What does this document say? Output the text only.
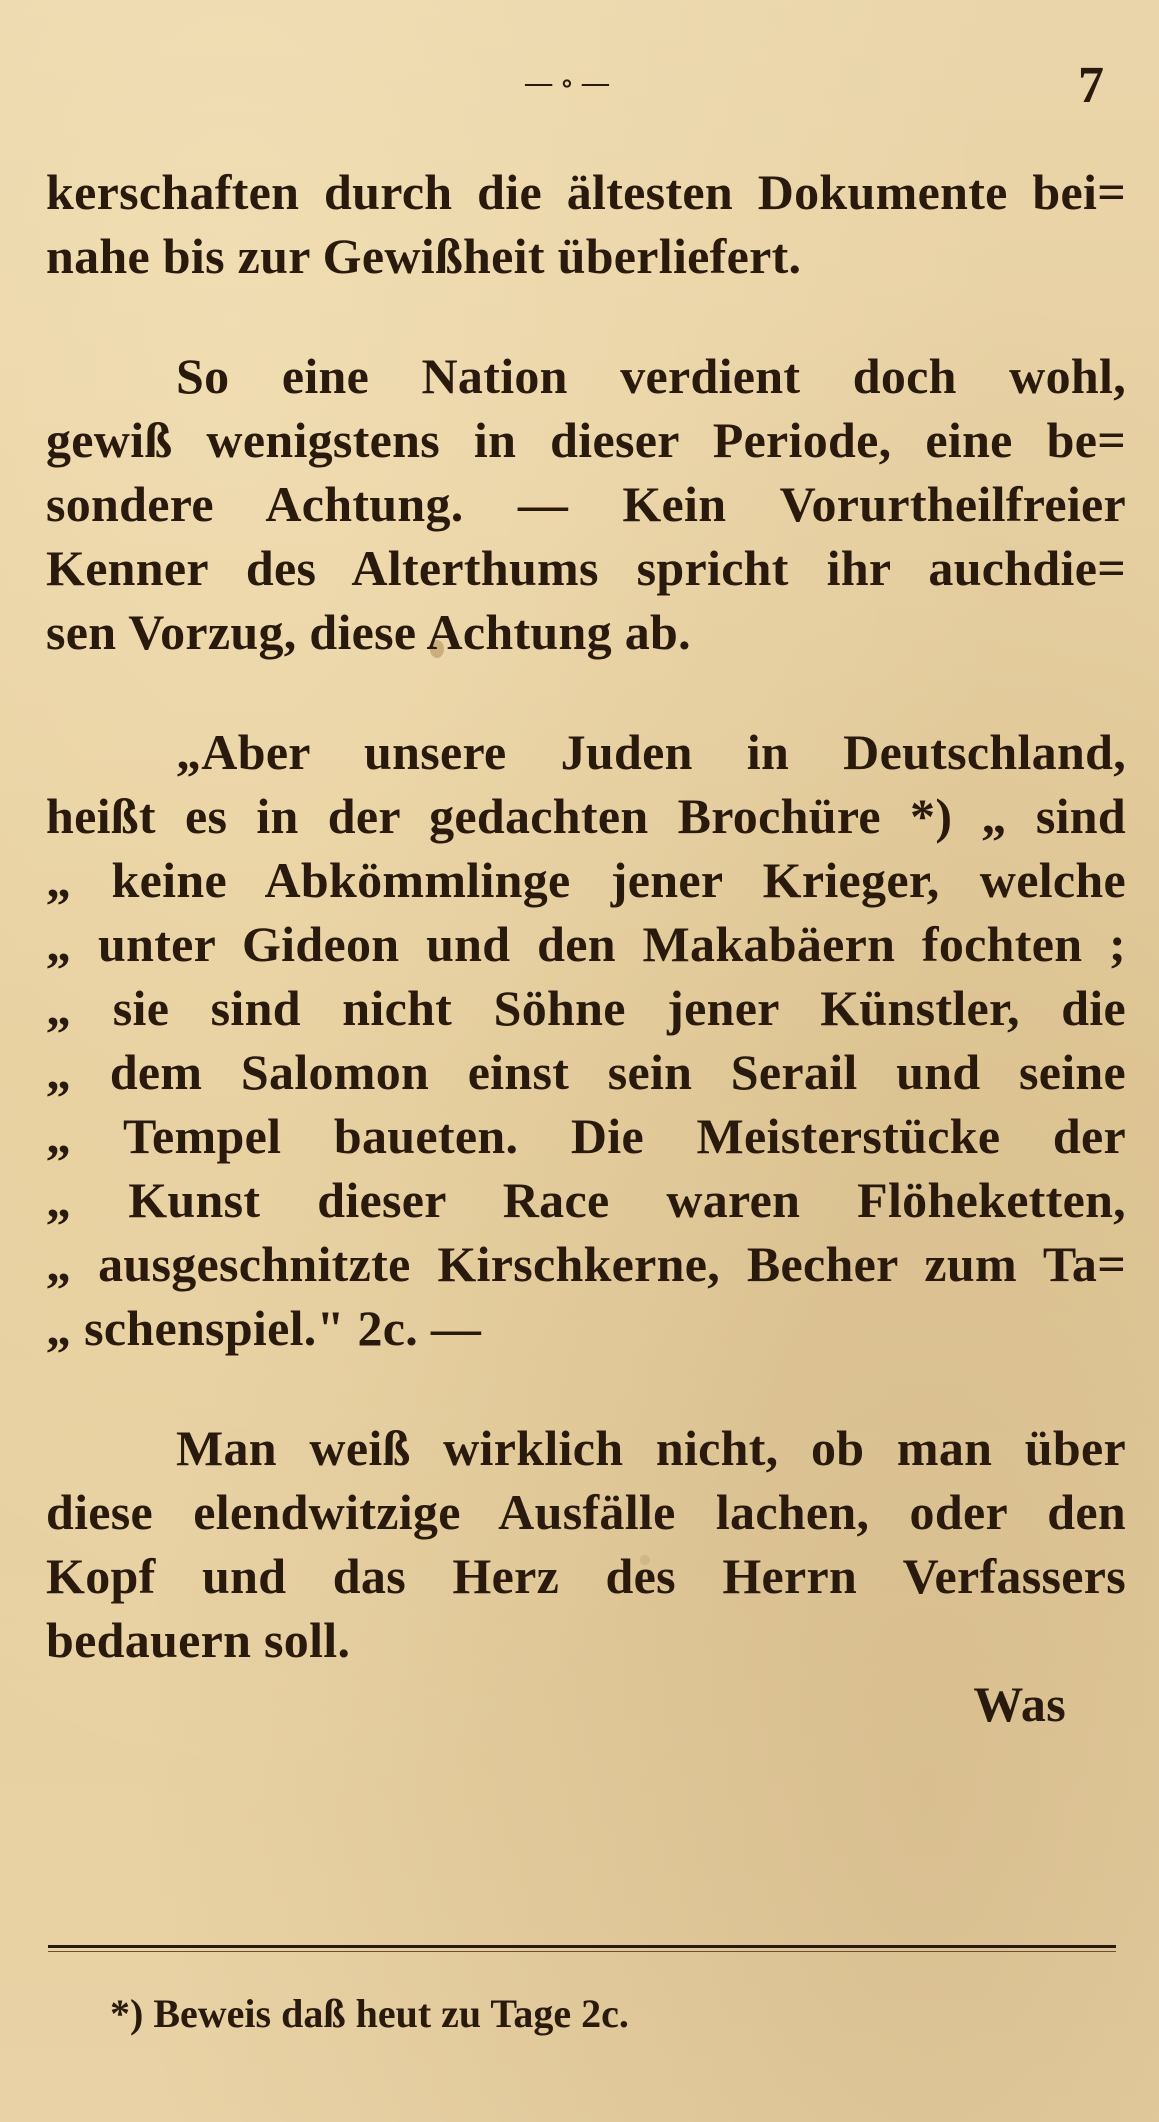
—∘—	7
kerschaften durch die ältesten Dokumente bei=
nahe bis zur Gewißheit überliefert.
So eine Nation verdient doch wohl,
gewiß wenigstens in dieser Periode, eine be=
sondere Achtung. — Kein Vorurtheilfreier
Kenner des Alterthums spricht ihr auchdie=
sen Vorzug, diese Achtung ab.
„Aber unsere Juden in Deutschland,
heißt es in der gedachten Brochüre *) „ sind
„ keine Abkömmlinge jener Krieger, welche
„ unter Gideon und den Makabäern fochten ;
„ sie sind nicht Söhne jener Künstler, die
„ dem Salomon einst sein Serail und seine
„ Tempel baueten. Die Meisterstücke der
„ Kunst dieser Race waren Flöheketten,
„ ausgeschnitzte Kirschkerne, Becher zum Ta=
„ schenspiel." 2c. —
Man weiß wirklich nicht, ob man über
diese elendwitzige Ausfälle lachen, oder den
Kopf und das Herz des Herrn Verfassers
bedauern soll.
Was
*) Beweis daß heut zu Tage 2c.
